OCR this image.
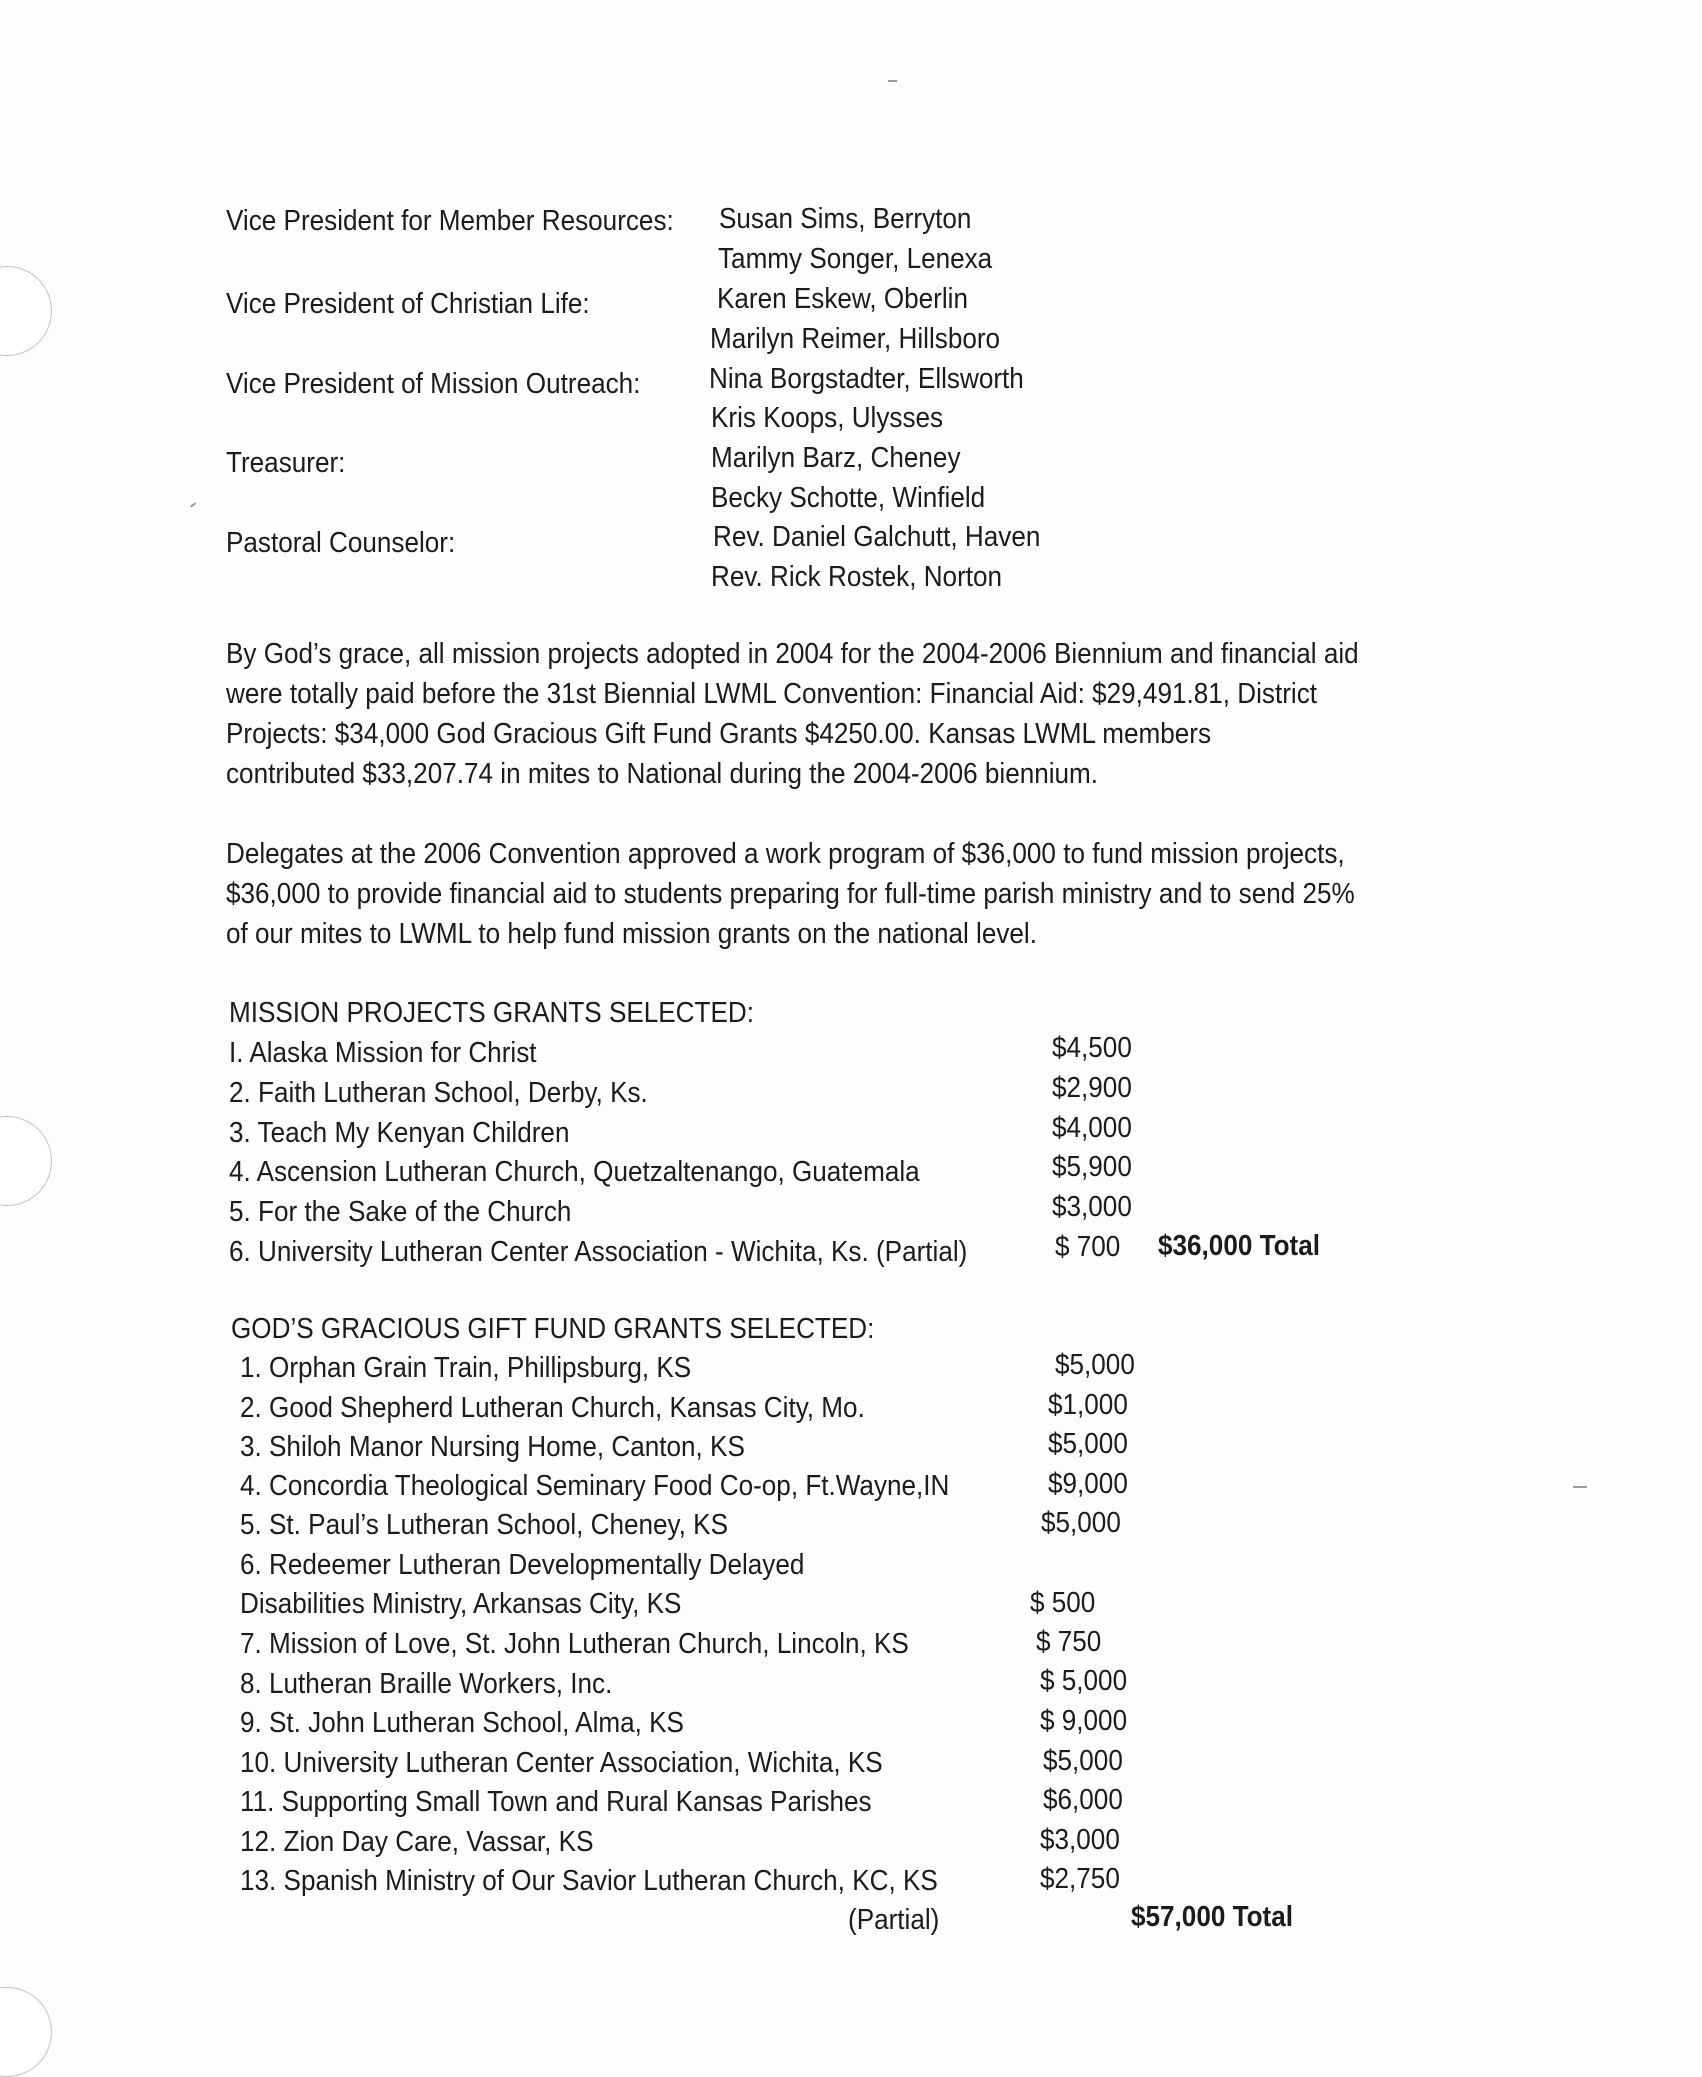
Vice President for Member Resources: Susan Sims, Berryton
Tammy Songer, Lenexa
Vice President of Christian Life:	Karen Eskew, Oberlin
Marilyn Reimer, Hillsboro
Vice President of Mission Outreach: Nina Borgstadter, Ellsworth
Kris Koops, Ulysses
Treasurer:	Marilyn Barz, Cheney
Becky Schotte, Winfield
Pastoral Counselor:	Rev. Daniel Galchutt, Haven
Rev. Rick Rostek, Norton
By God’s grace, all mission projects adopted in 2004 for the 2004-2006 Biennium and financial aid
were totally paid before the 31st Biennial LWML Convention: Financial Aid: $29,491.81, District
Projects: $34,000 God Gracious Gift Fund Grants $4250.00. Kansas LWML members
contributed $33,207.74 in mites to National during the 2004-2006 biennium.
Delegates at the 2006 Convention approved a work program of $36,000 to fund mission projects,
$36,000 to provide financial aid to students preparing for full-time parish ministry and to send 25%
of our mites to LWML to help fund mission grants on the national level.
MISSION PROJECTS GRANTS SELECTED:
I. Alaska Mission for Christ	$4,500
2. Faith Lutheran School, Derby, Ks.	$2,900
3. Teach My Kenyan Children	$4,000
4. Ascension Lutheran Church, Quetzaltenango, Guatemala	$5,900
5. For the Sake of the Church	$3,000
6. University Lutheran Center Association - Wichita, Ks. (Partial)	$ 700 $36,000 Total
GOD’S GRACIOUS GIFT FUND GRANTS SELECTED:
1. Orphan Grain Train, Phillipsburg, KS	$5,000
2. Good Shepherd Lutheran Church, Kansas City, Mo.	$1,000
3. Shiloh Manor Nursing Home, Canton, KS	$5,000
4. Concordia Theological Seminary Food Co-op, Ft.Wayne,IN	$9,000
5. St. Paul’s Lutheran School, Cheney, KS	$5,000
6. Redeemer Lutheran Developmentally Delayed
Disabilities Ministry, Arkansas City, KS	$ 500
7. Mission of Love, St. John Lutheran Church, Lincoln, KS	$ 750
8. Lutheran Braille Workers, Inc.	$ 5,000
9. St. John Lutheran School, Alma, KS	$ 9,000
10. University Lutheran Center Association, Wichita, KS	$5,000
11. Supporting Small Town and Rural Kansas Parishes	$6,000
12. Zion Day Care, Vassar, KS	$3,000
13. Spanish Ministry of Our Savior Lutheran Church, KC, KS	$2,750
(Partial)	$57,000 Total
